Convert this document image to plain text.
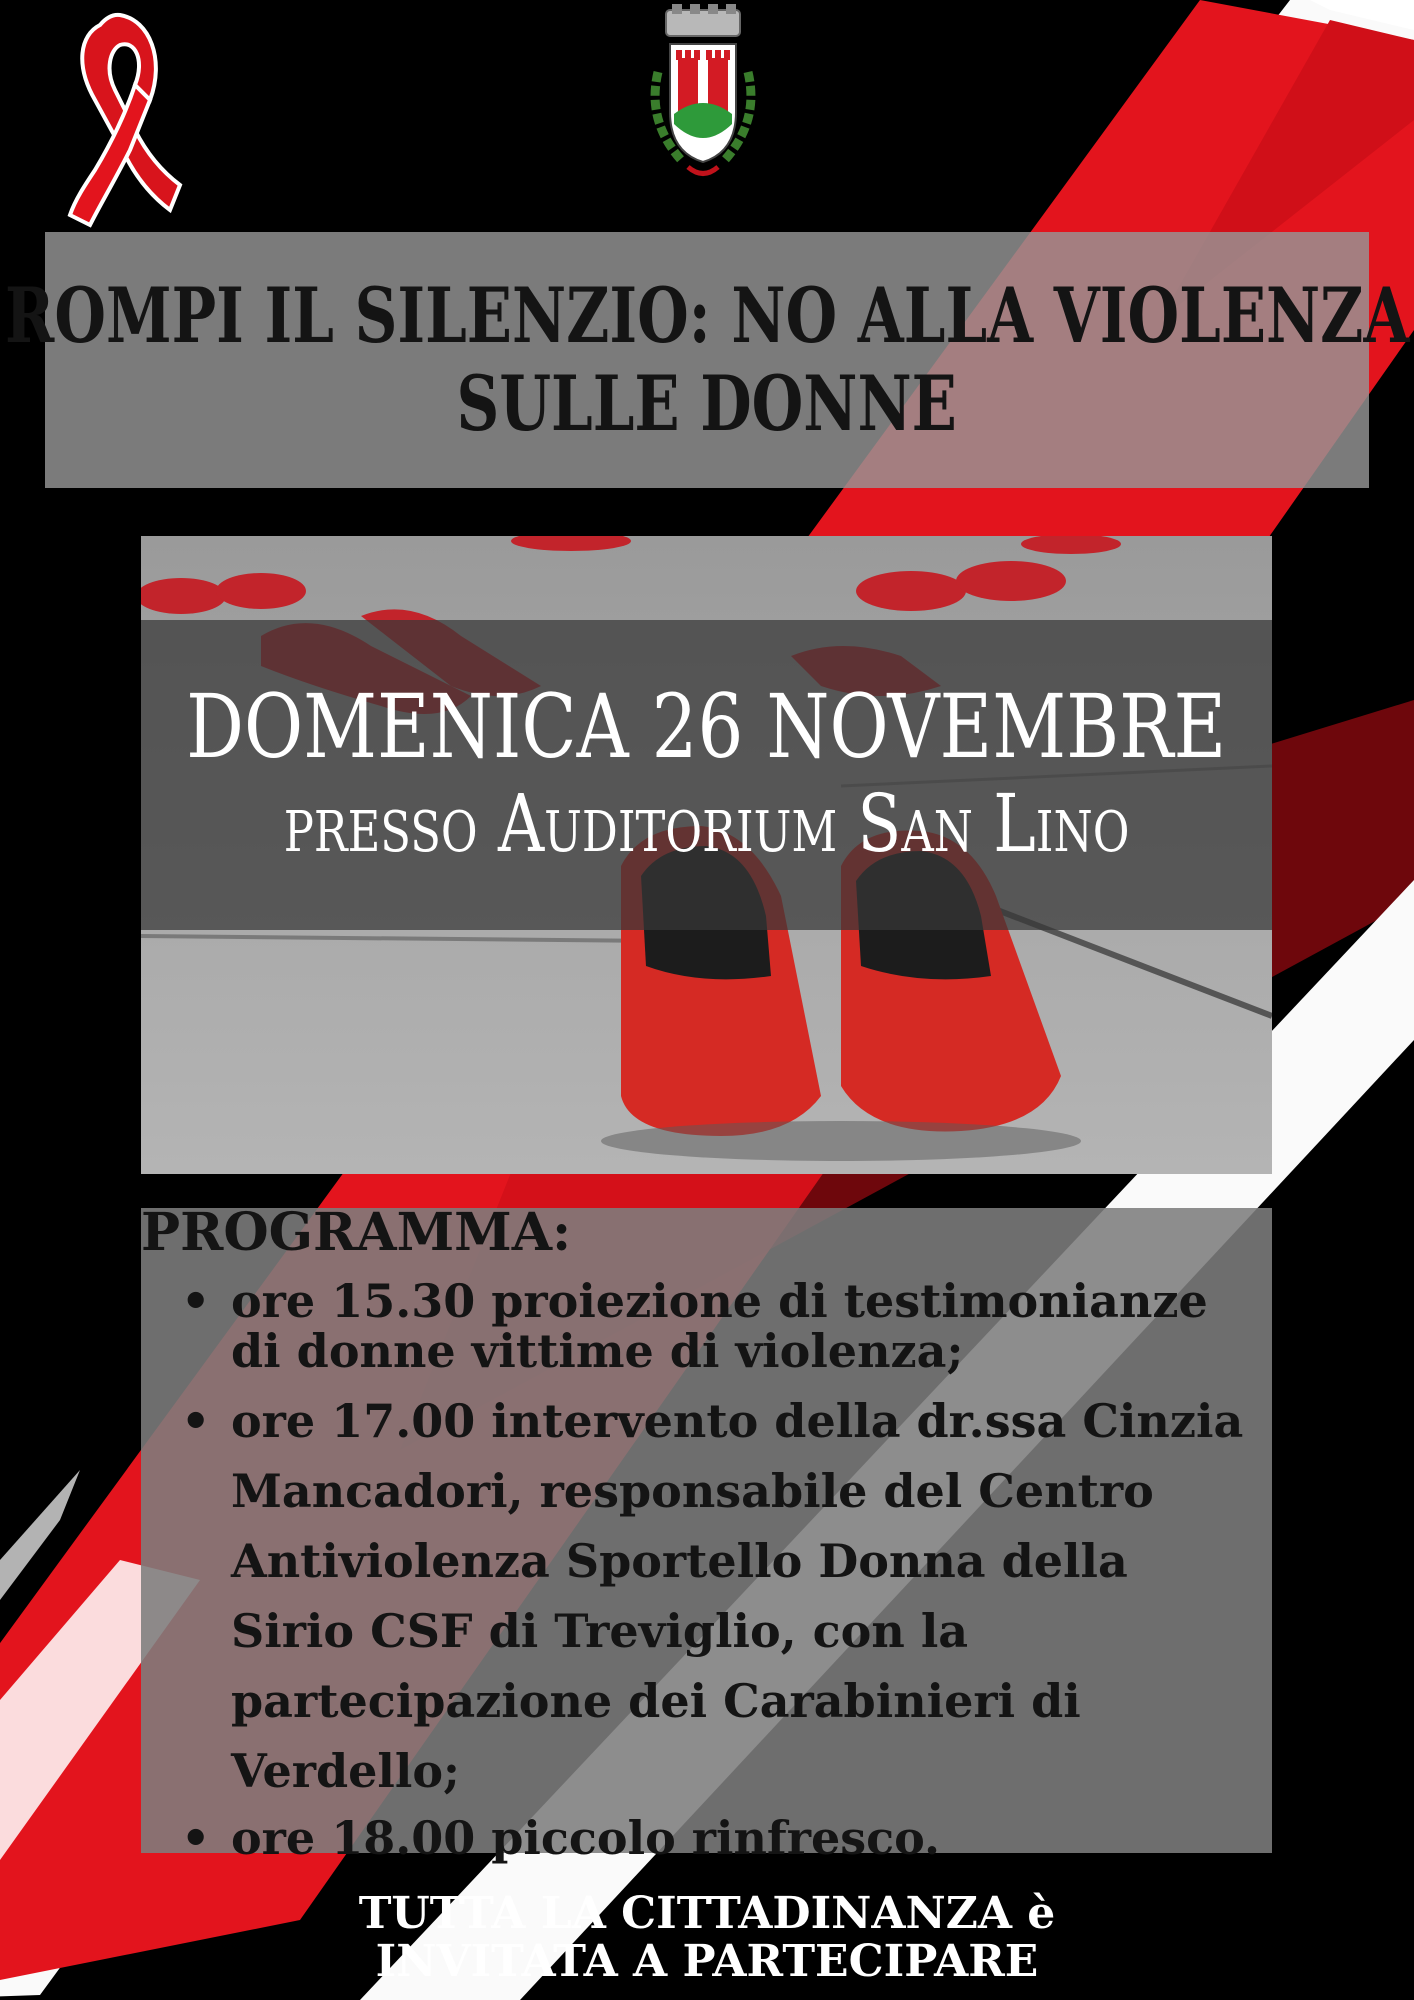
ROMPI IL SILENZIO: NO ALLA VIOLENZA
SULLE DONNE
DOMENICA 26 NOVEMBRE
presso Auditorium San Lino
PROGRAMMA:
• ore 15.30 proiezione di testimonianze di donne vittime di violenza;
• ore 17.00 intervento della dr.ssa Cinzia Mancadori, responsabile del Centro Antiviolenza Sportello Donna della Sirio CSF di Treviglio, con la partecipazione dei Carabinieri di Verdello;
• ore 18.00 piccolo rinfresco.
TUTTA LA CITTADINANZA è
INVITATA A PARTECIPARE
